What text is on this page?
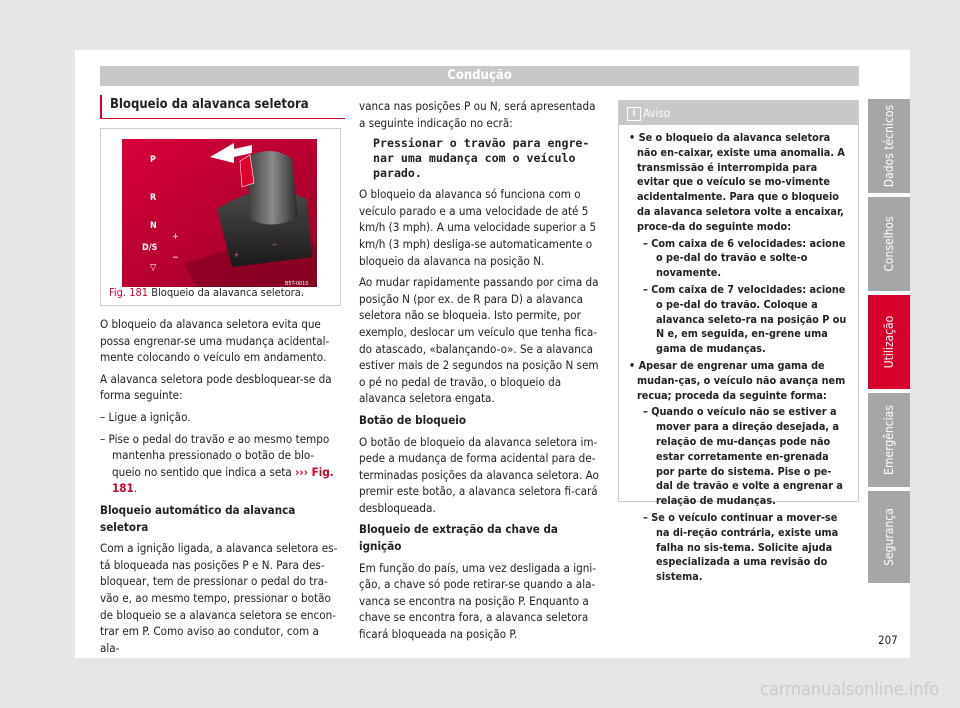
Condução
Bloqueio da alavanca seletora
P
R
N
D/S
+
−
▽
+
−
B5T-0010
Fig. 181 Bloqueio da alavanca seletora.

O bloqueio da alavanca seletora evita que possa engrenar-se uma mudança acidental-mente colocando o veículo em andamento.

A alavanca seletora pode desbloquear-se da forma seguinte:

– Ligue a ignição.

– Pise o pedal do travão e ao mesmo tempo mantenha pressionado o botão de blo-queio no sentido que indica a seta ››› Fig. 181.

Bloqueio automático da alavanca seletora

Com a ignição ligada, a alavanca seletora es-tá bloqueada nas posições P e N. Para des-bloquear, tem de pressionar o pedal do tra-vão e, ao mesmo tempo, pressionar o botão de bloqueio se a alavanca seletora se encon-trar em P. Como aviso ao condutor, com a ala-

vanca nas posições P ou N, será apresentada a seguinte indicação no ecrã:

Pressionar o travão para engre-nar uma mudança com o veículo parado.

O bloqueio da alavanca só funciona com o veículo parado e a uma velocidade de até 5 km/h (3 mph). A uma velocidade superior a 5 km/h (3 mph) desliga-se automaticamente o bloqueio da alavanca na posição N.

Ao mudar rapidamente passando por cima da posição N (por ex. de R para D) a alavanca seletora não se bloqueia. Isto permite, por exemplo, deslocar um veículo que tenha fica-do atascado, «balançando-o». Se a alavanca estiver mais de 2 segundos na posição N sem o pé no pedal de travão, o bloqueio da alavanca seletora engata.

Botão de bloqueio

O botão de bloqueio da alavanca seletora im-pede a mudança de forma acidental para de-terminadas posições da alavanca seletora. Ao premir este botão, a alavanca seletora fi-cará desbloqueada.

Bloqueio de extração da chave da ignição

Em função do país, uma vez desligada a igni-ção, a chave só pode retirar-se quando a ala-vanca se encontra na posição P. Enquanto a chave se encontra fora, a alavanca seletora ficará bloqueada na posição P.

i Aviso

• Se o bloqueio da alavanca seletora não en-caixar, existe uma anomalia. A transmissão é interrompida para evitar que o veículo se mo-vimente acidentalmente. Para que o bloqueio da alavanca seletora volte a encaixar, proce-da do seguinte modo:

– Com caixa de 6 velocidades: acione o pe-dal do travão e solte-o novamente.

– Com caixa de 7 velocidades: acione o pe-dal do travão. Coloque a alavanca seleto-ra na posição P ou N e, em seguida, en-grene uma gama de mudanças.

• Apesar de engrenar uma gama de mudan-ças, o veículo não avança nem recua; proceda da seguinte forma:

– Quando o veículo não se estiver a mover para a direção desejada, a relação de mu-danças pode não estar corretamente en-grenada por parte do sistema. Pise o pe-dal de travão e volte a engrenar a relação de mudanças.

– Se o veículo continuar a mover-se na di-reção contrária, existe uma falha no sis-tema. Solicite ajuda especializada a uma revisão do sistema.

Dados técnicos
Conselhos
Utilização
Emergências
Segurança
207
carmanualsonline.info
